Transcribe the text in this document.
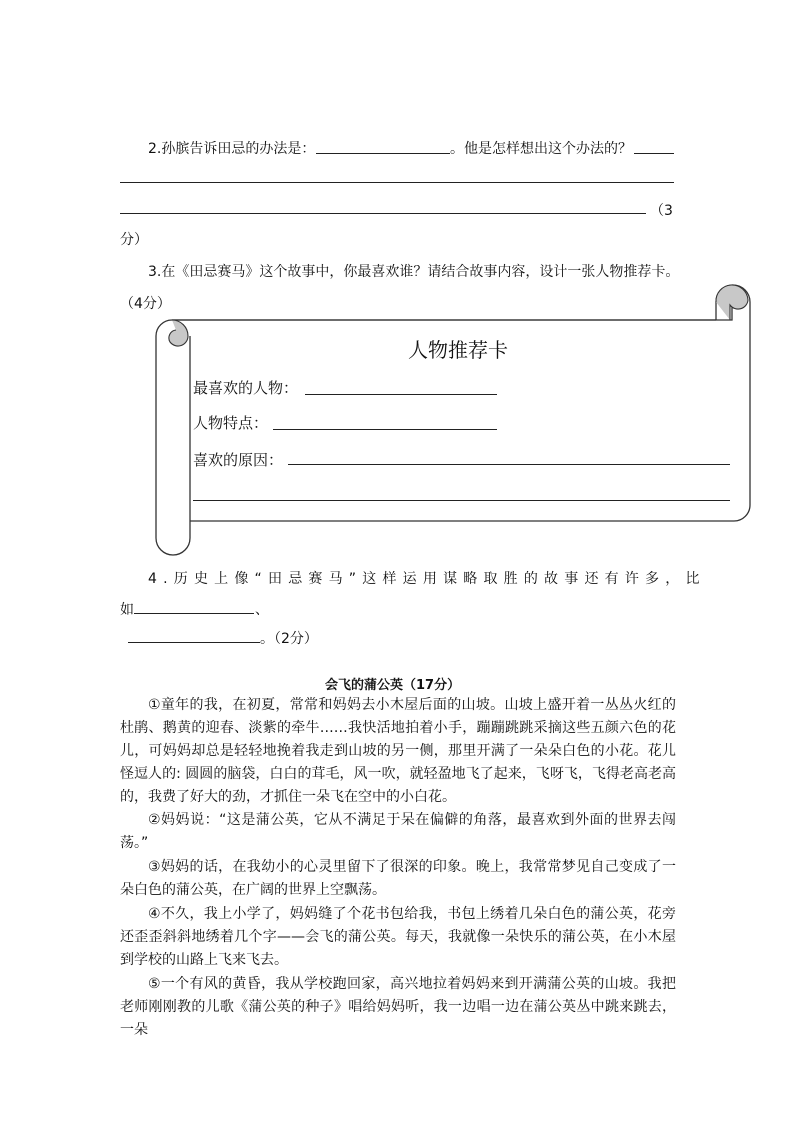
2.孙膑告诉田忌的办法是：	。他是怎样想出这个办法的？
（3
分）
3.在《田忌赛马》这个故事中，你最喜欢谁？请结合故事内容，设计一张人物推荐卡。
（4分）
人物推荐卡
最喜欢的人物：
人物特点：
喜欢的原因：
4.历史上像“田忌赛马”这样运用谋略取胜的故事还有许多，比
如	、
。（2分）
会飞的蒲公英（17分）
①童年的我，在初夏，常常和妈妈去小木屋后面的山坡。山坡上盛开着一丛丛火红的杜鹃、鹅黄的迎春、淡紫的牵牛……我快活地拍着小手，蹦蹦跳跳采摘这些五颜六色的花儿，可妈妈却总是轻轻地挽着我走到山坡的另一侧，那里开满了一朵朵白色的小花。花儿怪逗人的: 圆圆的脑袋，白白的茸毛，风一吹，就轻盈地飞了起来，飞呀飞，飞得老高老高的，我费了好大的劲，才抓住一朵飞在空中的小白花。
②妈妈说：“这是蒲公英，它从不满足于呆在偏僻的角落，最喜欢到外面的世界去闯荡。”
③妈妈的话，在我幼小的心灵里留下了很深的印象。晚上，我常常梦见自己变成了一朵白色的蒲公英，在广阔的世界上空飘荡。
④不久，我上小学了，妈妈缝了个花书包给我，书包上绣着几朵白色的蒲公英，花旁还歪歪斜斜地绣着几个字——会飞的蒲公英。每天，我就像一朵快乐的蒲公英，在小木屋到学校的山路上飞来飞去。
⑤一个有风的黄昏，我从学校跑回家，高兴地拉着妈妈来到开满蒲公英的山坡。我把老师刚刚教的儿歌《蒲公英的种子》唱给妈妈听，我一边唱一边在蒲公英丛中跳来跳去，一朵
